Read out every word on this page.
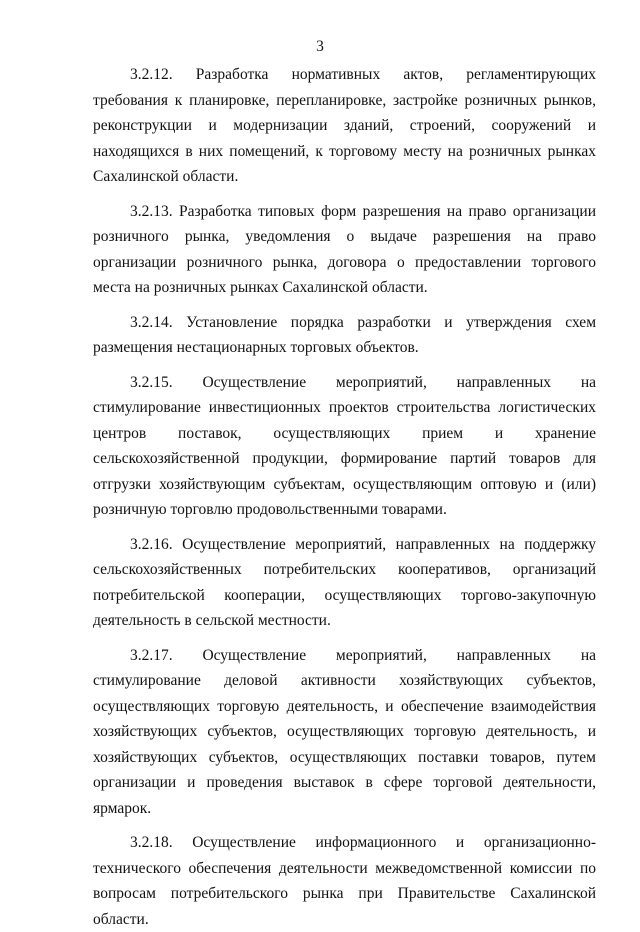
3

3.2.12. Разработка нормативных актов, регламентирующих требования к планировке, перепланировке, застройке розничных рынков, реконструкции и модернизации зданий, строений, сооружений и находящихся в них помещений, к торговому месту на розничных рынках Сахалинской области.

3.2.13. Разработка типовых форм разрешения на право организации розничного рынка, уведомления о выдаче разрешения на право организации розничного рынка, договора о предоставлении торгового места на розничных рынках Сахалинской области.

3.2.14. Установление порядка разработки и утверждения схем размещения нестационарных торговых объектов.

3.2.15. Осуществление мероприятий, направленных на стимулирование инвестиционных проектов строительства логистических центров поставок, осуществляющих прием и хранение сельскохозяйственной продукции, формирование партий товаров для отгрузки хозяйствующим субъектам, осуществляющим оптовую и (или) розничную торговлю продовольственными товарами.

3.2.16. Осуществление мероприятий, направленных на поддержку сельскохозяйственных потребительских кооперативов, организаций потребительской кооперации, осуществляющих торгово-закупочную деятельность в сельской местности.

3.2.17. Осуществление мероприятий, направленных на стимулирование деловой активности хозяйствующих субъектов, осуществляющих торговую деятельность, и обеспечение взаимодействия хозяйствующих субъектов, осуществляющих торговую деятельность, и хозяйствующих субъектов, осуществляющих поставки товаров, путем организации и проведения выставок в сфере торговой деятельности, ярмарок.

3.2.18. Осуществление информационного и организационно-технического обеспечения деятельности межведомственной комиссии по вопросам потребительского рынка при Правительстве Сахалинской области.
